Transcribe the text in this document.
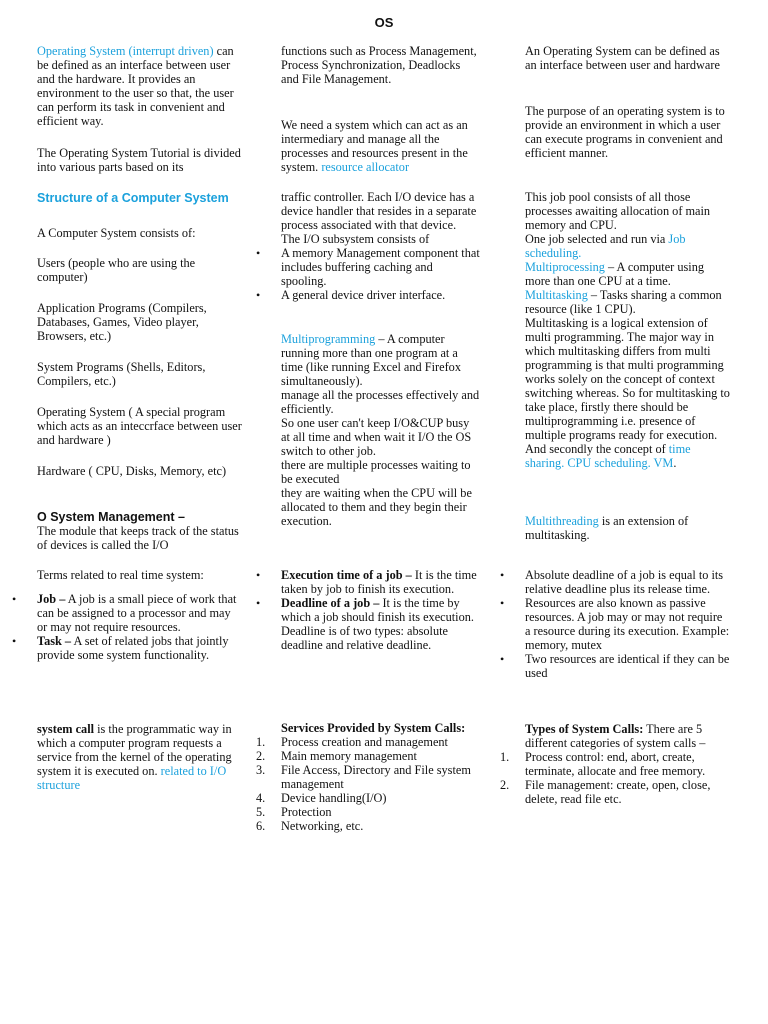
OS

Operating System (interrupt driven) can be defined as an interface between user and the hardware. It provides an environment to the user so that, the user can perform its task in convenient and efficient way.

The Operating System Tutorial is divided into various parts based on its

Structure of a Computer System

A Computer System consists of:

Users (people who are using the computer)

Application Programs (Compilers, Databases, Games, Video player, Browsers, etc.)

System Programs (Shells, Editors, Compilers, etc.)

Operating System ( A special program which acts as an inteccrface between user and hardware )

Hardware ( CPU, Disks, Memory, etc)

O System Management –

The module that keeps track of the status of devices is called the I/O

Terms related to real time system:

• Job – A job is a small piece of work that can be assigned to a processor and may or may not require resources.
• Task – A set of related jobs that jointly provide some system functionality.

system call is the programmatic way in which a computer program requests a service from the kernel of the operating system it is executed on. related to I/O structure

functions such as Process Management, Process Synchronization, Deadlocks and File Management.

We need a system which can act as an intermediary and manage all the processes and resources present in the system. resource allocator

traffic controller. Each I/O device has a device handler that resides in a separate process associated with that device.

The I/O subsystem consists of

• A memory Management component that includes buffering caching and spooling.
• A general device driver interface.

Multiprogramming – A computer running more than one program at a time (like running Excel and Firefox simultaneously).

manage all the processes effectively and efficiently.

So one user can't keep I/O&CUP busy at all time and when wait it I/O the OS switch to other job.

there are multiple processes waiting to be executed

they are waiting when the CPU will be allocated to them and they begin their execution.

• Execution time of a job – It is the time taken by job to finish its execution.
• Deadline of a job – It is the time by which a job should finish its execution. Deadline is of two types: absolute deadline and relative deadline.

Services Provided by System Calls:

1. Process creation and management
2. Main memory management
3. File Access, Directory and File system management
4. Device handling(I/O)
5. Protection
6. Networking, etc.

An Operating System can be defined as an interface between user and hardware

The purpose of an operating system is to provide an environment in which a user can execute programs in convenient and efficient manner.

This job pool consists of all those processes awaiting allocation of main memory and CPU.

One job selected and run via Job scheduling.

Multiprocessing – A computer using more than one CPU at a time.

Multitasking – Tasks sharing a common resource (like 1 CPU).

Multitasking is a logical extension of multi programming. The major way in which multitasking differs from multi programming is that multi programming works solely on the concept of context switching whereas. So for multitasking to take place, firstly there should be multiprogramming i.e. presence of multiple programs ready for execution. And secondly the concept of time sharing. CPU scheduling. VM.

Multithreading is an extension of multitasking.

• Absolute deadline of a job is equal to its relative deadline plus its release time.
• Resources are also known as passive resources. A job may or may not require a resource during its execution. Example: memory, mutex
• Two resources are identical if they can be used

Types of System Calls: There are 5 different categories of system calls –

1. Process control: end, abort, create, terminate, allocate and free memory.
2. File management: create, open, close, delete, read file etc.
